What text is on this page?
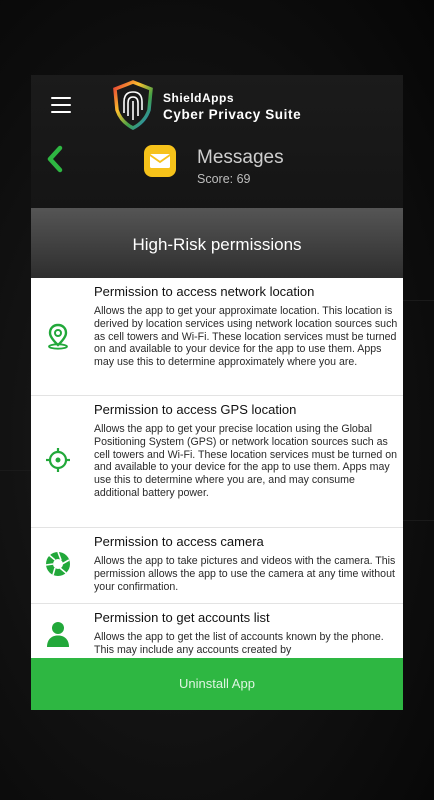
ShieldApps
Cyber Privacy Suite
Messages
Score: 69
High-Risk permissions
Permission to access network location
Allows the app to get your approximate location. This location is derived by location services using network location sources such as cell towers and Wi-Fi. These location services must be turned on and available to your device for the app to use them. Apps may use this to determine approximately where you are.
Permission to access GPS location
Allows the app to get your precise location using the Global Positioning System (GPS) or network location sources such as cell towers and Wi-Fi. These location services must be turned on and available to your device for the app to use them. Apps may use this to determine where you are, and may consume additional battery power.
Permission to access camera
Allows the app to take pictures and videos with the camera. This permission allows the app to use the camera at any time without your confirmation.
Permission to get accounts list
Allows the app to get the list of accounts known by the phone. This may include any accounts created by
Uninstall App
